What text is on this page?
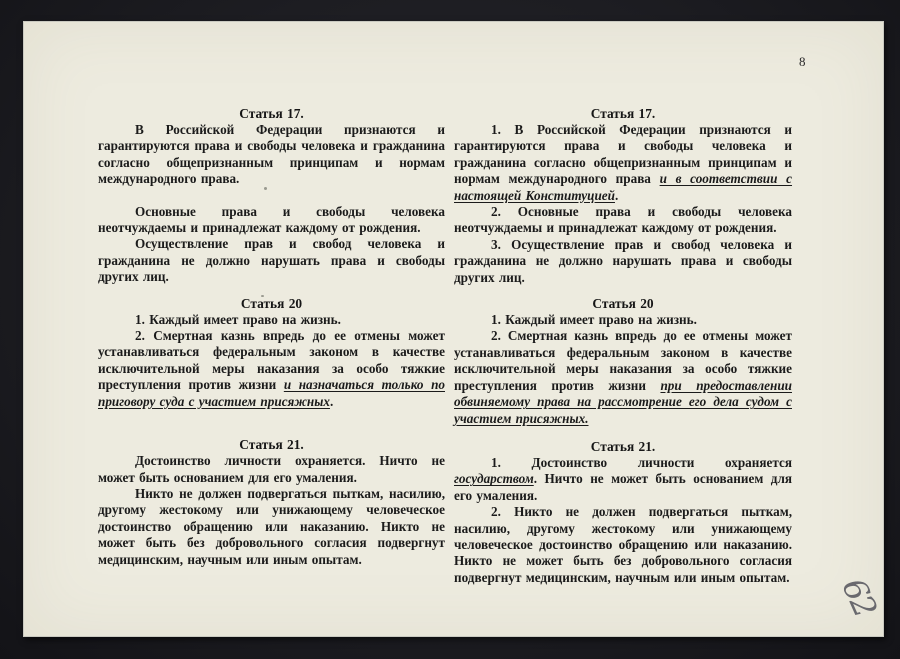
8
Статья 17.

В Российской Федерации признаются и гарантируются права и свободы человека и гражданина согласно общепризнанным принципам и нормам международного права.

Основные права и свободы человека неотчуждаемы и принадлежат каждому от рождения.

Осуществление прав и свобод человека и гражданина не должно нарушать права и свободы других лиц.

Статья 20

1. Каждый имеет право на жизнь.

2. Смертная казнь впредь до ее отмены может устанавливаться федеральным законом в качестве исключительной меры наказания за особо тяжкие преступления против жизни и назначаться только по приговору суда с участием присяжных.

Статья 21.

Достоинство личности охраняется. Ничто не может быть основанием для его умаления.

Никто не должен подвергаться пыткам, насилию, другому жестокому или унижающему человеческое достоинство обращению или наказанию. Никто не может быть без добровольного согласия подвергнут медицинским, научным или иным опытам.

Статья 17.

1. В Российской Федерации признаются и гарантируются права и свободы человека и гражданина согласно общепризнанным принципам и нормам международного права и в соответствии с настоящей Конституцией.

2. Основные права и свободы человека неотчуждаемы и принадлежат каждому от рождения.

3. Осуществление прав и свобод человека и гражданина не должно нарушать права и свободы других лиц.

Статья 20

1. Каждый имеет право на жизнь.

2. Смертная казнь впредь до ее отмены может устанавливаться федеральным законом в качестве исключительной меры наказания за особо тяжкие преступления против жизни при предоставлении обвиняемому права на рассмотрение его дела судом с участием присяжных.

Статья 21.

1. Достоинство личности охраняется государством. Ничто не может быть основанием для его умаления.

2. Никто не должен подвергаться пыткам, насилию, другому жестокому или унижающему человеческое достоинство обращению или наказанию. Никто не может быть без добровольного согласия подвергнут медицинским, научным или иным опытам.	62
